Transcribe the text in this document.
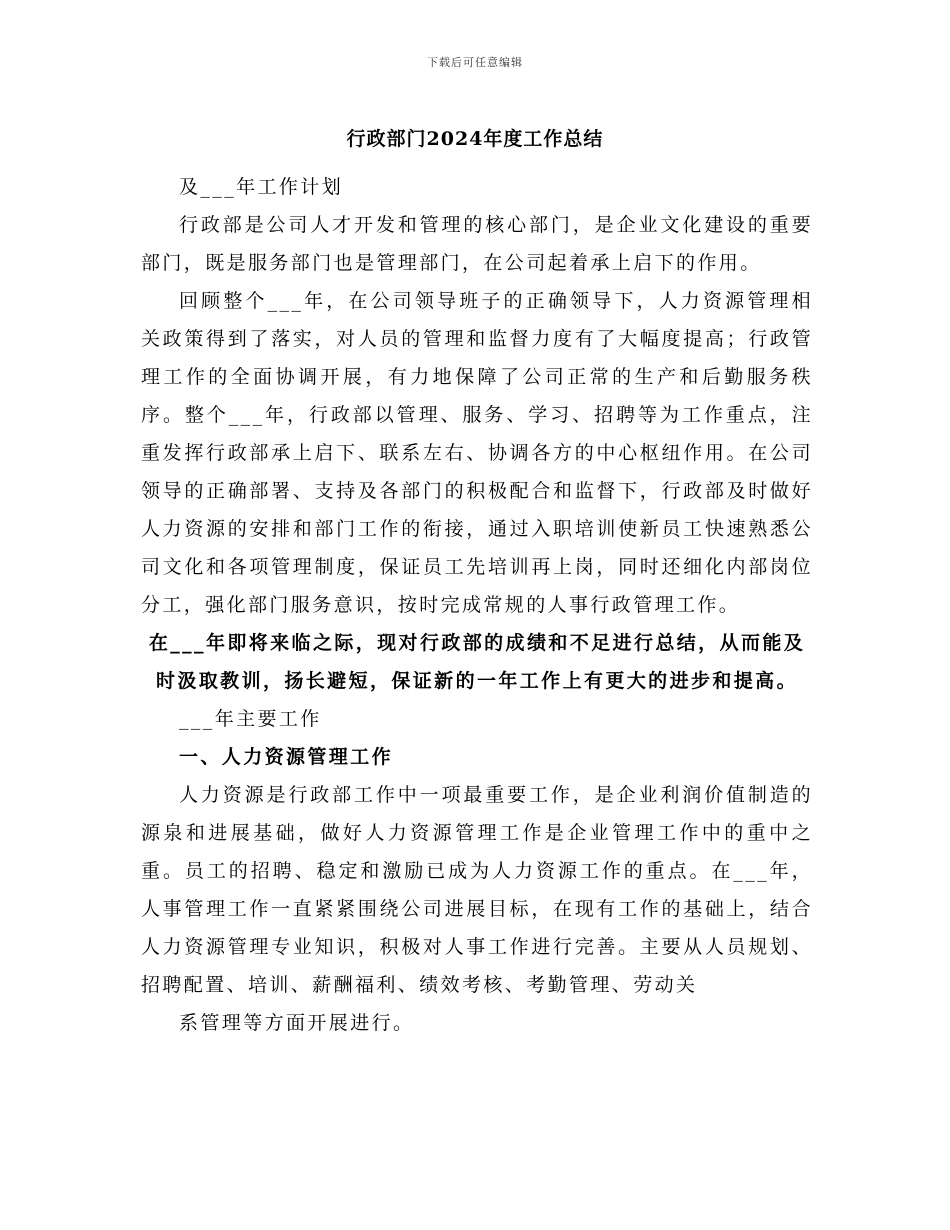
下载后可任意编辑
行政部门2024年度工作总结

及___年工作计划

行政部是公司人才开发和管理的核心部门，是企业文化建设的重要部门，既是服务部门也是管理部门，在公司起着承上启下的作用。

回顾整个___年，在公司领导班子的正确领导下，人力资源管理相关政策得到了落实，对人员的管理和监督力度有了大幅度提高；行政管理工作的全面协调开展，有力地保障了公司正常的生产和后勤服务秩序。整个___年，行政部以管理、服务、学习、招聘等为工作重点，注重发挥行政部承上启下、联系左右、协调各方的中心枢纽作用。在公司领导的正确部署、支持及各部门的积极配合和监督下，行政部及时做好人力资源的安排和部门工作的衔接，通过入职培训使新员工快速熟悉公司文化和各项管理制度，保证员工先培训再上岗，同时还细化内部岗位分工，强化部门服务意识，按时完成常规的人事行政管理工作。

在___年即将来临之际，现对行政部的成绩和不足进行总结，从而能及时汲取教训，扬长避短，保证新的一年工作上有更大的进步和提高。

___年主要工作

一、人力资源管理工作

人力资源是行政部工作中一项最重要工作，是企业利润价值制造的源泉和进展基础，做好人力资源管理工作是企业管理工作中的重中之重。员工的招聘、稳定和激励已成为人力资源工作的重点。在___年，人事管理工作一直紧紧围绕公司进展目标，在现有工作的基础上，结合人力资源管理专业知识，积极对人事工作进行完善。主要从人员规划、招聘配置、培训、薪酬福利、绩效考核、考勤管理、劳动关

系管理等方面开展进行。
